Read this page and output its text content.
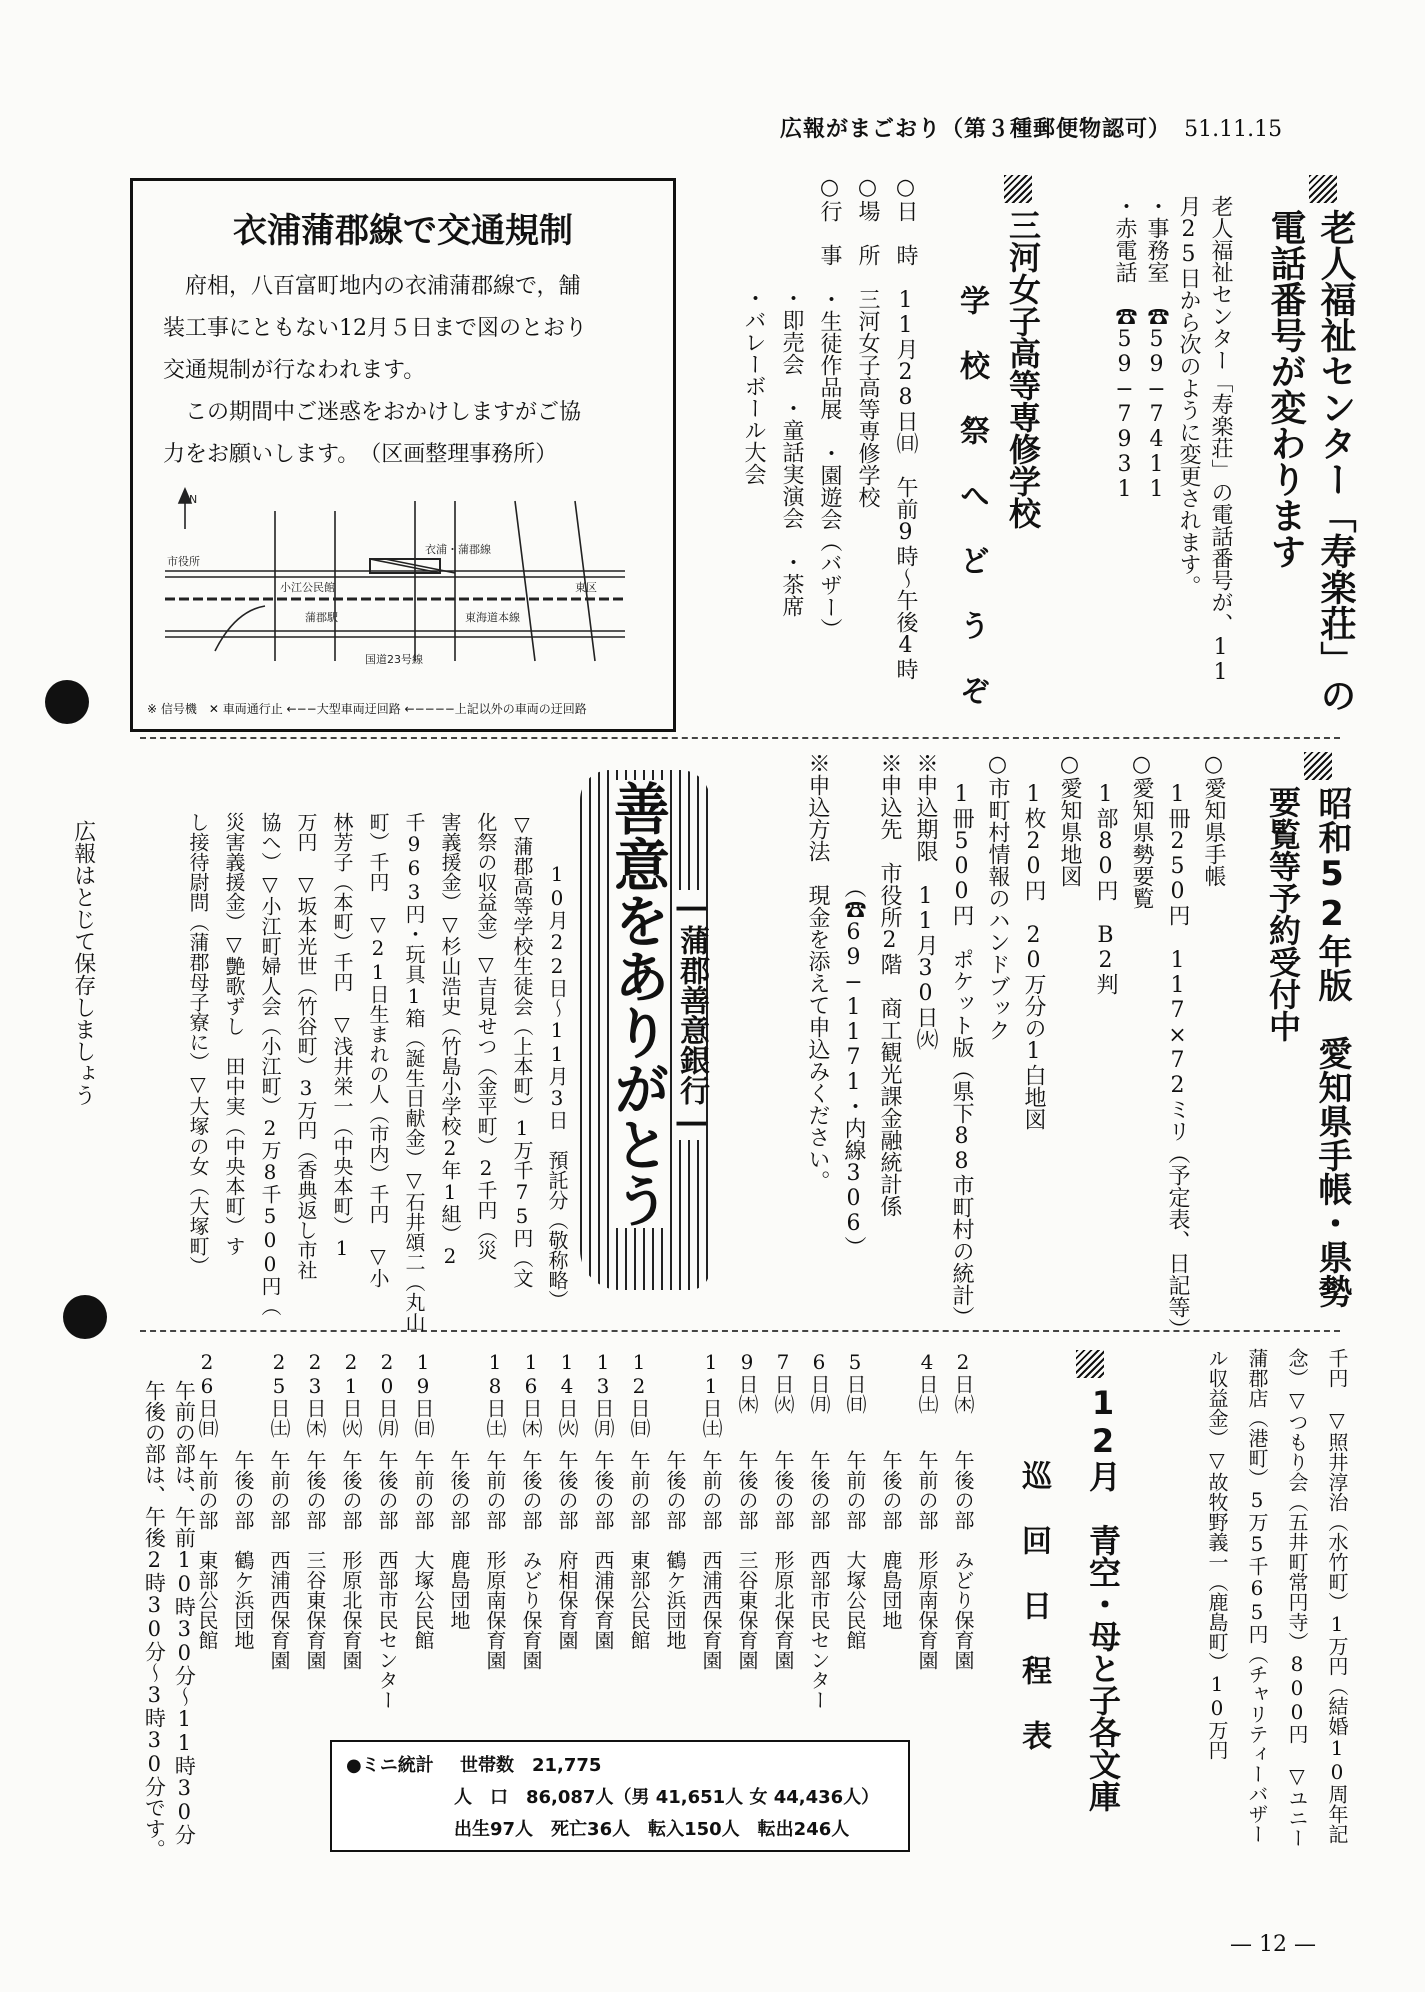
広報がまごおり（第３種郵便物認可） 51.11.15
老人福祉センター「寿楽荘」の
電話番号が変わります
老人福祉センター「寿楽荘」の電話番号が、11
月25日から次のように変更されます。
・事務室　☎59−7411
・赤電話　☎59−7931
三河女子高等専修学校
学 校 祭 へ ど う ぞ
○日　時　11月28日㈰　午前9時〜午後4時
○場　所　三河女子高等専修学校
○行　事　・生徒作品展　・園遊会（バザー）
・即売会　・童話実演会　・茶席
・バレーボール大会
衣浦蒲郡線で交通規制
府相，八百富町地内の衣浦蒲郡線で，舗
装工事にともない12月５日まで図のとおり
交通規制が行なわれます。
この期間中ご迷惑をおかけしますがご協
力をお願いします。　（区画整理事務所）
N
衣浦・蒲郡線
市役所
小江公民館
蒲郡駅
国道23号線
東海道本線
東区
※ 信号機　✕ 車両通行止 ←−−大型車両迂回路 ←−−−−上記以外の車両の迂回路
広報はとじて保存しましょう	昭和52年版　愛知県手帳・県勢
要覧等予約受付中
○愛知県手帳
1冊250円　117×72ミリ（予定表、日記等）
○愛知県勢要覧
1部80円　B2判
○愛知県地図
1枚20円　20万分の1白地図
○市町村情報のハンドブック
1冊500円　ポケット版（県下88市町村の統計）
※申込期限　11月30日㈫
※申込先　市役所2階　商工観光課金融統計係
（☎69−1171・内線306）
※申込方法　現金を添えて申込みください。
善意をありがとう ―蒲郡善意銀行―
10月22日〜11月3日　預託分（敬称略）
▽蒲郡高等学校生徒会（上本町）1万千75円（文
化祭の収益金）▽吉見せつ（金平町）2千円（災
害義援金）▽杉山浩史（竹島小学校2年1組）2
千963円・玩具1箱（誕生日献金）▽石井頌二（丸山
町）千円　▽21日生まれの人（市内）千円　▽小
林芳子（本町）千円　▽浅井栄一（中央本町）1
万円　▽坂本光世（竹谷町）3万円（香典返し市社
協へ）▽小江町婦人会（小江町）2万8千500円（
災害義援金）▽艶歌ずし　田中実（中央本町）す
し接待尉問（蒲郡母子寮に）▽大塚の女（大塚町）
千円　▽照井淳治（水竹町）1万円（結婚10周年記
念）▽つもり会（五井町常円寺）800円　▽ユニー
蒲郡店（港町）5万5千65円（チャリティーバザー
ル収益金）▽故牧野義一（鹿島町）10万円
12月　青空・母と子各文庫
巡 回 日 程 表
2日㈭
午後の部
みどり保育園
4日㈯
午前の部
形原南保育園
午後の部
鹿島団地
5日㈰
午前の部
大塚公民館
6日㈪
午後の部
西部市民センター
7日㈫
午後の部
形原北保育園
9日㈭
午後の部
三谷東保育園
11日㈯
午前の部
西浦西保育園
午後の部
鶴ケ浜団地
12日㈰
午前の部
東部公民館
13日㈪
午後の部
西浦保育園
14日㈫
午後の部
府相保育園
16日㈭
午後の部
みどり保育園
18日㈯
午前の部
形原南保育園
午後の部
鹿島団地
19日㈰
午前の部
大塚公民館
20日㈪
午後の部
西部市民センター
21日㈫
午後の部
形原北保育園
23日㈭
午後の部
三谷東保育園
25日㈯
午前の部
西浦西保育園
午後の部
鶴ケ浜団地
26日㈰
午前の部
東部公民館
午前の部は、午前10時30分〜11時30分
午後の部は、午後2時30分〜3時30分です。	●ミニ統計 世帯数　21,775
人　口　86,087人（男 41,651人 女 44,436人）
出生97人　死亡36人　転入150人　転出246人
— 12 —
